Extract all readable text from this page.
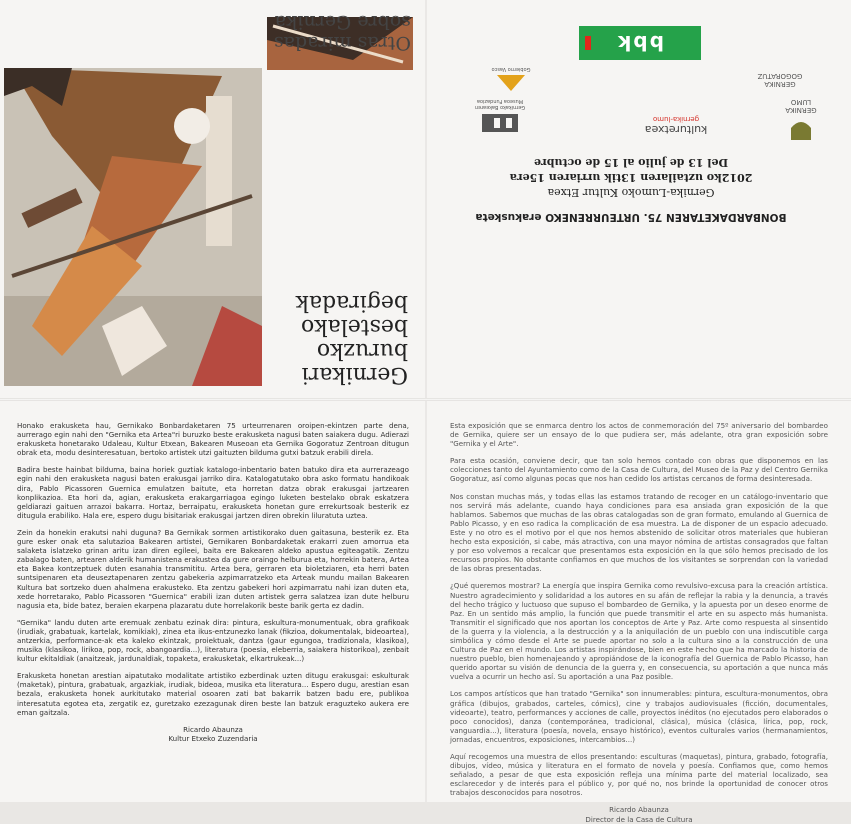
Gernikari

buruzko

bestelako

begiradak

Otras miradas
sobre Gernika
GERNIKA LUMO
kulturetxea
gernika-lumo
Gernikako Bakearen Museoa Fundazioa
GERNIKA GOGORATUZ
Gobierno Vasco
bbk
BONBARDAKETAREN 75. URTEURRENEKO erakusketa
Gernika-Lumoko Kultur Etxea
2012ko uztailaren 13tik urriaren 15era
Del 13 de julio al 15 de octubre

Honako erakusketa hau, Gernikako Bonbardaketaren 75 urteurrenaren oroipen-ekintzen parte dena, aurrerago egin nahi den "Gernika eta Artea"ri buruzko beste erakusketa nagusi baten saiakera dugu. Adierazi erakusketa honetarako Udaleau, Kultur Etxean, Bakearen Museoan eta Gernika Gogoratuz Zentroan ditugun obrak eta, modu desinteresatuan, bertoko artistek utzi gaituzten bilduma gutxi batzuk erabili direla.

Badira beste hainbat bilduma, baina horiek guztiak katalogo-inbentario baten batuko dira eta aurrerazeago egin nahi den erakusketa nagusi baten erakusgai jarriko dira. Katalogatutako obra asko formatu handikoak dira, Pablo Picassoren Guernica emulatzen baitute, eta horretan datza obrak erakusgai jartzearen konplikazioa. Eta hori da, agian, erakusketa erakargarriagoa egingo luketen bestelako obrak eskatzera geldiarazi gaituen arrazoi bakarra. Hortaz, berraipatu, erakusketa honetan gure errekurtsoak besterik ez ditugula erabiliko. Hala ere, espero dugu bisitariak erakusgai jartzen diren obrekin liluratuta uztea.

Zein da honekin erakutsi nahi duguna? Ba Gernikak sormen artistikorako duen gaitasuna, besterik ez. Eta gure esker onak eta salutazioa Bakearen artistei, Gernikaren Bonbardaketak erakarri zuen amorrua eta salaketa islatzeko grinan aritu izan diren egileei, baita ere Bakearen aldeko apustua egiteagatik. Zentzu zabalago baten, artearen alderik humanistena erakustea da gure oraingo helburua eta, horrekin batera, Artea eta Bakea kontzeptuek duten esanahia transmititu. Artea bera, gerraren eta bioletziaren, eta herri baten suntsipenaren eta deuseztapenaren zentzu gabekeria azpimarratzeko eta Arteak mundu mailan Bakearen Kultura bat sortzeko duen ahalmena erakusteko. Eta zentzu gabekeri hori azpimarratu nahi izan duten eta, xede horretarako, Pablo Picassoren "Guernica" erabili izan duten artistek gerra salatzea izan dute helburu nagusia eta, bide batez, beraien ekarpena plazaratu dute horrelakorik beste barik gerta ez dadin.

"Gernika" landu duten arte eremuak zenbatu ezinak dira: pintura, eskultura-monumentuak, obra grafikoak (irudiak, grabatuak, kartelak, komikiak), zinea eta ikus-entzunezko lanak (fikzioa, dokumentalak, bideoartea), antzerkia, performance-ak eta kaleko ekintzak, proiektuak, dantza (gaur egungoa, tradizionala, klasikoa), musika (klasikoa, lirikoa, pop, rock, abangoardia...), literatura (poesia, eleberria, saiakera historikoa), zenbait kultur ekitaldiak (anaitzeak, jardunaldiak, topaketa, erakusketak, elkartrukeak...)

Erakusketa honetan arestian aipatutako modalitate artistiko ezberdinak uzten ditugu erakusgai: eskulturak (maketak), pintura, grabatuak, argazkiak, irudiak, bideoa, musika eta literatura... Espero dugu, arestian esan bezala, erakusketa honek aurkitutako material osoaren zati bat bakarrik batzen badu ere, publikoa interesatuta egotea eta, zergatik ez, guretzako ezezagunak diren beste lan batzuk eraguzteko aukera ere eman gaitzala.

Ricardo Abaunza

Kultur Etxeko Zuzendaria

Esta exposición que se enmarca dentro los actos de conmemoración del 75º aniversario del bombardeo de Gernika, quiere ser un ensayo de lo que pudiera ser, más adelante, otra gran exposición sobre "Gernika y el Arte".

Para esta ocasión, conviene decir, que tan solo hemos contado con obras que disponemos en las colecciones tanto del Ayuntamiento como de la Casa de Cultura, del Museo de la Paz y del Centro Gernika Gogoratuz, así como algunas pocas que nos han cedido los artistas cercanos de forma desinteresada.

Nos constan muchas más, y todas ellas las estamos tratando de recoger en un catálogo-inventario que nos servirá más adelante, cuando haya condiciones para esa ansiada gran exposición de la que hablamos. Sabemos que muchas de las obras catalogadas son de gran formato, emulando al Guernica de Pablo Picasso, y en eso radica la complicación de esa muestra. La de disponer de un espacio adecuado. Este y no otro es el motivo por el que nos hemos abstenido de solicitar otros materiales que hubieran hecho esta exposición, si cabe, más atractiva, con una mayor nómina de artistas consagrados que faltan y por eso volvemos a recalcar que presentamos esta exposición en la que sólo hemos precisado de los recursos propios. No obstante confiamos en que muchos de los visitantes se sorprendan con la variedad de las obras presentadas.

¿Qué queremos mostrar? La energía que inspira Gernika como revulsivo-excusa para la creación artística. Nuestro agradecimiento y solidaridad a los autores en su afán de reflejar la rabia y la denuncia, a través del hecho trágico y luctuoso que supuso el bombardeo de Gernika, y la apuesta por un deseo enorme de Paz. En un sentido más amplio, la función que puede transmitir el arte en su aspecto más humanista. Transmitir el significado que nos aportan los conceptos de Arte y Paz. Arte como respuesta al sinsentido de la guerra y la violencia, a la destrucción y a la aniquilación de un pueblo con una indiscutible carga simbólica y cómo desde el Arte se puede aportar no solo a la cultura sino a la construcción de una Cultura de Paz en el mundo. Los artistas inspirándose, bien en este hecho que ha marcado la historia de nuestro pueblo, bien homenajeando y apropiándose de la iconografía del Guernica de Pablo Picasso, han querido aportar su visión de denuncia de la guerra y, en consecuencia, su aportación a que nunca más vuelva a ocurrir un hecho así. Su aportación a una Paz posible.

Los campos artísticos que han tratado "Gernika" son innumerables: pintura, escultura-monumentos, obra gráfica (dibujos, grabados, carteles, cómics), cine y trabajos audiovisuales (ficción, documentales, videoarte), teatro, performances y acciones de calle, proyectos inéditos (no ejecutados pero elaborados o poco conocidos), danza (contemporánea, tradicional, clásica), música (clásica, lírica, pop, rock, vanguardia...), literatura (poesía, novela, ensayo histórico), eventos culturales varios (hermanamientos, jornadas, encuentros, exposiciones, intercambios...)

Aquí recogemos una muestra de ellos presentando: esculturas (maquetas), pintura, grabado, fotografía, dibujos, vídeo, música y literatura en el formato de novela y poesía. Confiamos que, como hemos señalado, a pesar de que esta exposición refleja una mínima parte del material localizado, sea esclarecedor y de interés para el público y, por qué no, nos brinde la oportunidad de conocer otros trabajos desconocidos para nosotros.

Ricardo Abaunza

Director de la Casa de Cultura
